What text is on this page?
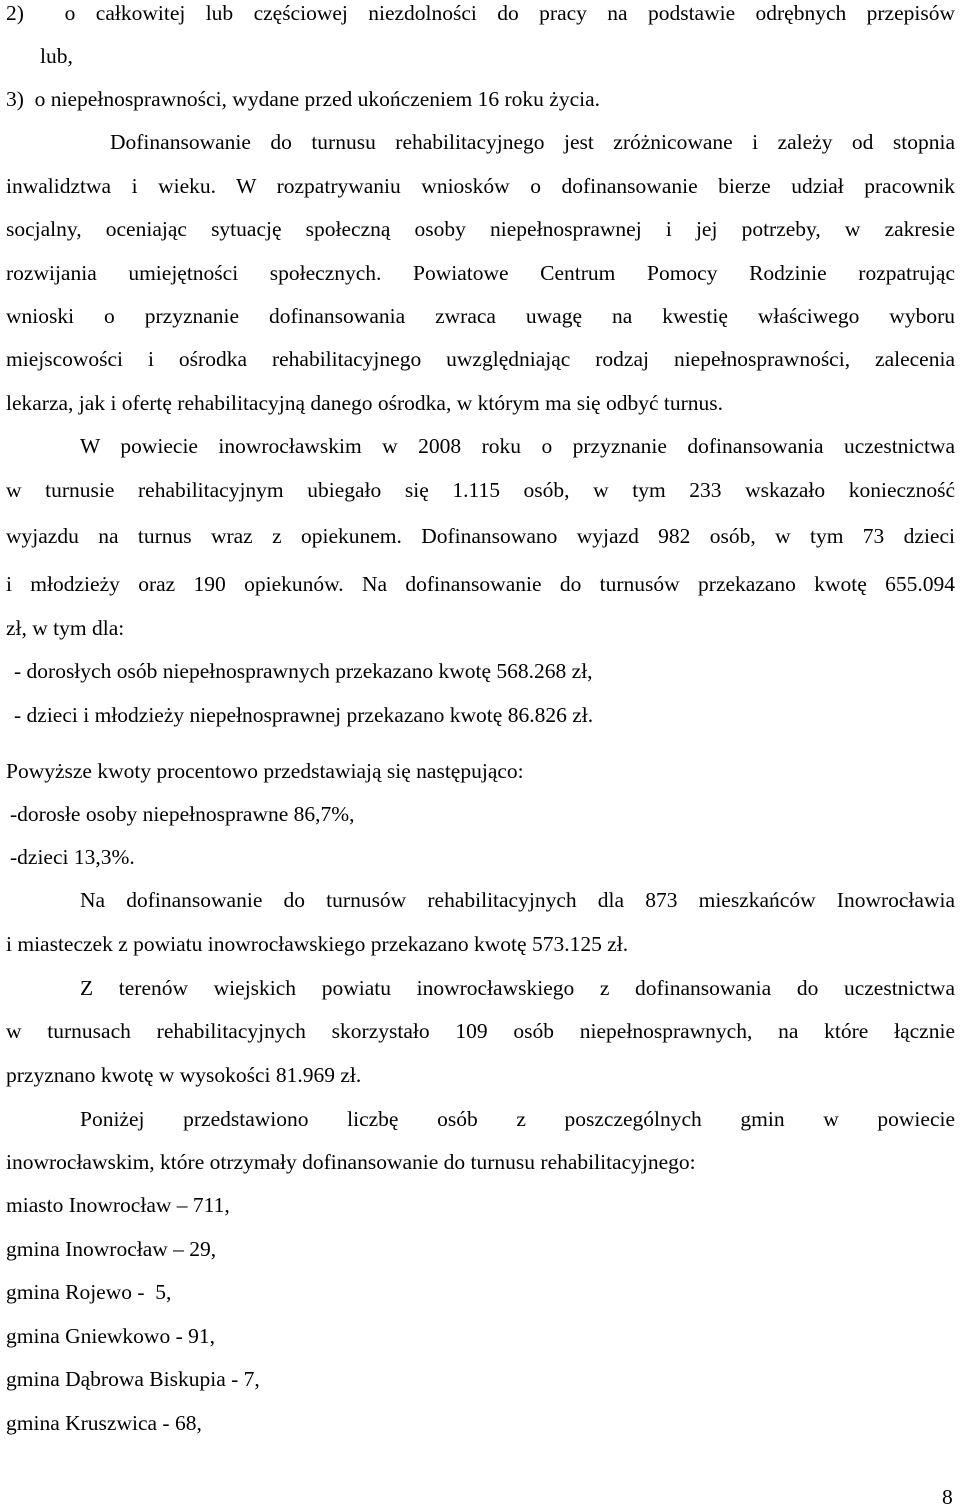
2)  o całkowitej lub częściowej niezdolności do pracy na podstawie odrębnych przepisów
lub,
3)  o niepełnosprawności, wydane przed ukończeniem 16 roku życia.
Dofinansowanie do turnusu rehabilitacyjnego jest zróżnicowane i zależy od stopnia
inwalidztwa i wieku. W rozpatrywaniu wniosków o dofinansowanie bierze udział pracownik
socjalny, oceniając sytuację społeczną osoby niepełnosprawnej i jej potrzeby, w zakresie
rozwijania umiejętności społecznych. Powiatowe Centrum Pomocy Rodzinie rozpatrując
wnioski o przyznanie dofinansowania zwraca uwagę na kwestię właściwego wyboru
miejscowości i ośrodka rehabilitacyjnego uwzględniając rodzaj niepełnosprawności, zalecenia
lekarza, jak i ofertę rehabilitacyjną danego ośrodka, w którym ma się odbyć turnus.
W powiecie inowrocławskim w 2008 roku o przyznanie dofinansowania uczestnictwa
w turnusie rehabilitacyjnym ubiegało się 1.115 osób, w tym 233 wskazało konieczność
wyjazdu na turnus wraz z opiekunem. Dofinansowano wyjazd 982 osób, w tym 73 dzieci
i młodzieży oraz 190 opiekunów. Na dofinansowanie do turnusów przekazano kwotę 655.094
zł, w tym dla:
- dorosłych osób niepełnosprawnych przekazano kwotę 568.268 zł,
- dzieci i młodzieży niepełnosprawnej przekazano kwotę 86.826 zł.
Powyższe kwoty procentowo przedstawiają się następująco:
-dorosłe osoby niepełnosprawne 86,7%,
-dzieci 13,3%.
Na dofinansowanie do turnusów rehabilitacyjnych dla 873 mieszkańców Inowrocławia
i miasteczek z powiatu inowrocławskiego przekazano kwotę 573.125 zł.
Z terenów wiejskich powiatu inowrocławskiego z dofinansowania do uczestnictwa
w turnusach rehabilitacyjnych skorzystało 109 osób niepełnosprawnych, na które łącznie
przyznano kwotę w wysokości 81.969 zł.
Poniżej przedstawiono liczbę osób z poszczególnych gmin w powiecie
inowrocławskim, które otrzymały dofinansowanie do turnusu rehabilitacyjnego:
miasto Inowrocław – 711,
gmina Inowrocław – 29,
gmina Rojewo -  5,
gmina Gniewkowo - 91,
gmina Dąbrowa Biskupia - 7,
gmina Kruszwica - 68,
8
